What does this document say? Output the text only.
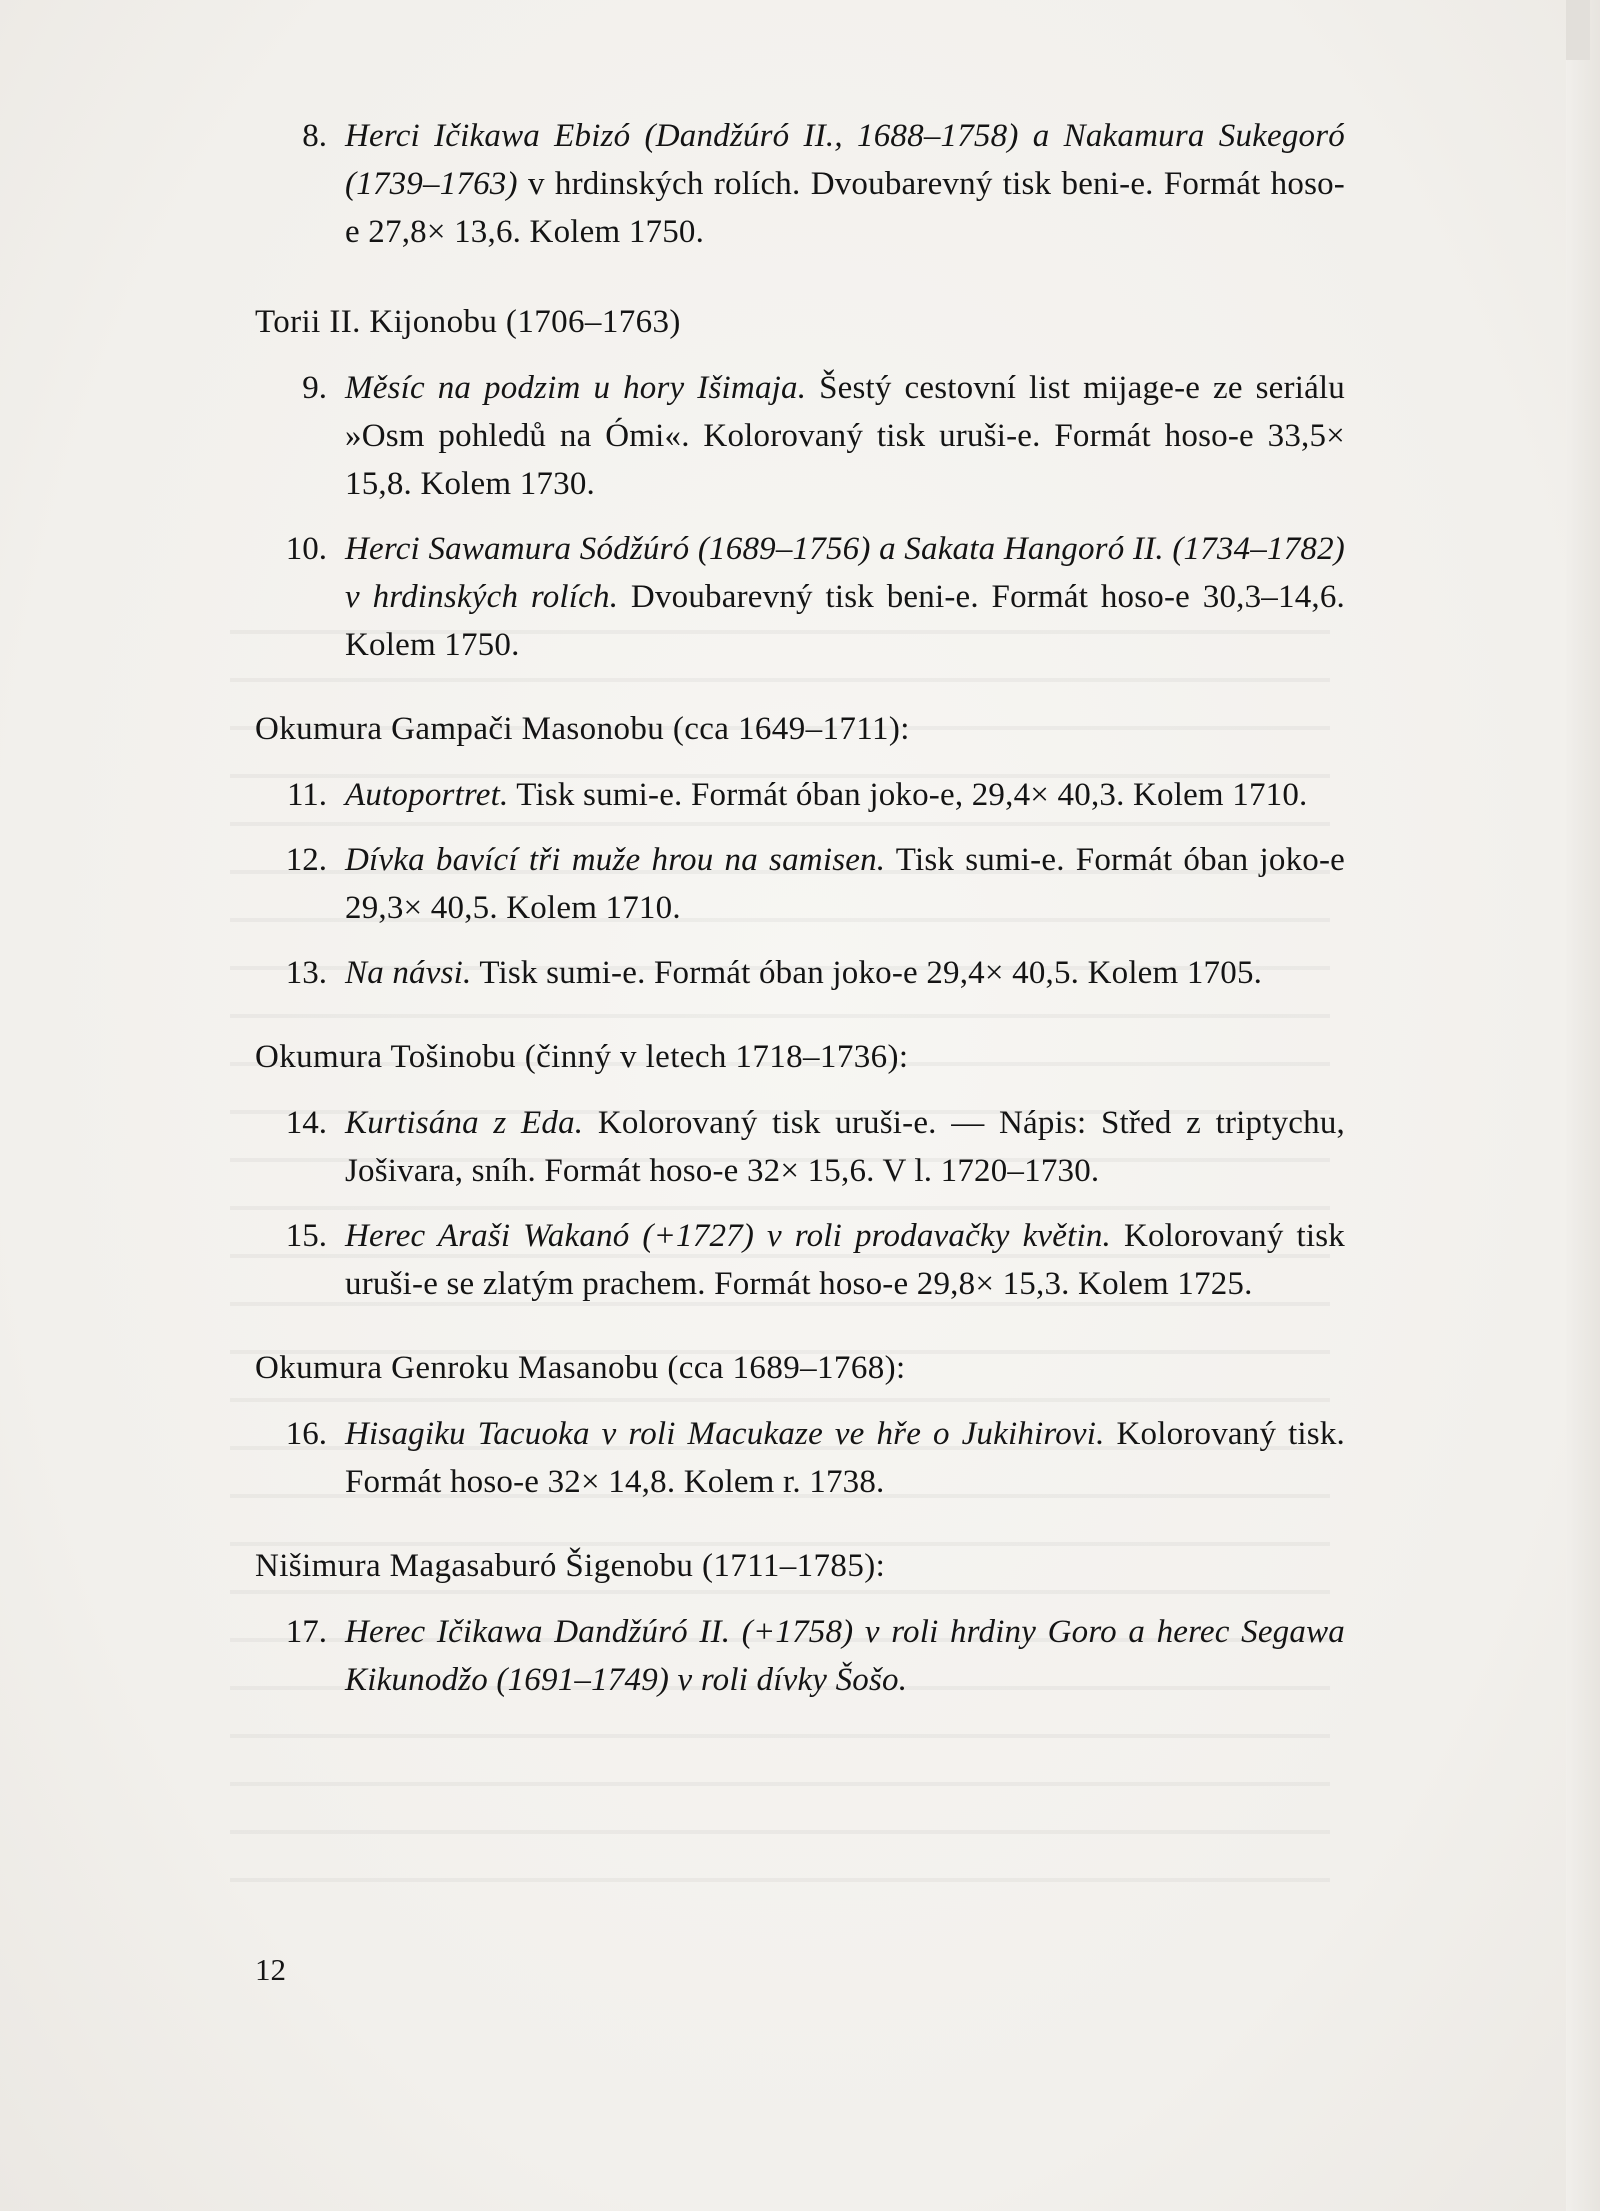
8. Herci Ičikawa Ebizó (Dandžúró II., 1688–1758) a Nakamura Sukegoró (1739–1763) v hrdinských rolích. Dvoubarevný tisk beni-e. Formát hoso-e 27,8× 13,6. Kolem 1750.
Torii II. Kijonobu (1706–1763)
9. Měsíc na podzim u hory Išimaja. Šestý cestovní list mijage-e ze seriálu »Osm pohledů na Ómi«. Kolorovaný tisk uruši-e. Formát hoso-e 33,5× 15,8. Kolem 1730.
10. Herci Sawamura Sódžúró (1689–1756) a Sakata Hangoró II. (1734–1782) v hrdinských rolích. Dvoubarevný tisk beni-e. Formát hoso-e 30,3–14,6. Kolem 1750.
Okumura Gampači Masonobu (cca 1649–1711):
11. Autoportret. Tisk sumi-e. Formát óban joko-e, 29,4× 40,3. Kolem 1710.
12. Dívka bavící tři muže hrou na samisen. Tisk sumi-e. Formát óban joko-e 29,3× 40,5. Kolem 1710.
13. Na návsi. Tisk sumi-e. Formát óban joko-e 29,4× 40,5. Kolem 1705.
Okumura Tošinobu (činný v letech 1718–1736):
14. Kurtisána z Eda. Kolorovaný tisk uruši-e. — Nápis: Střed z triptychu, Jošivara, sníh. Formát hoso-e 32× 15,6. V l. 1720–1730.
15. Herec Araši Wakanó (+1727) v roli prodavačky květin. Kolorovaný tisk uruši-e se zlatým prachem. Formát hoso-e 29,8× 15,3. Kolem 1725.
Okumura Genroku Masanobu (cca 1689–1768):
16. Hisagiku Tacuoka v roli Macukaze ve hře o Jukihirovi. Kolorovaný tisk. Formát hoso-e 32× 14,8. Kolem r. 1738.
Nišimura Magasaburó Šigenobu (1711–1785):
17. Herec Ičikawa Dandžúró II. (+1758) v roli hrdiny Goro a herec Segawa Kikunodžo (1691–1749) v roli dívky Šošo.
12
